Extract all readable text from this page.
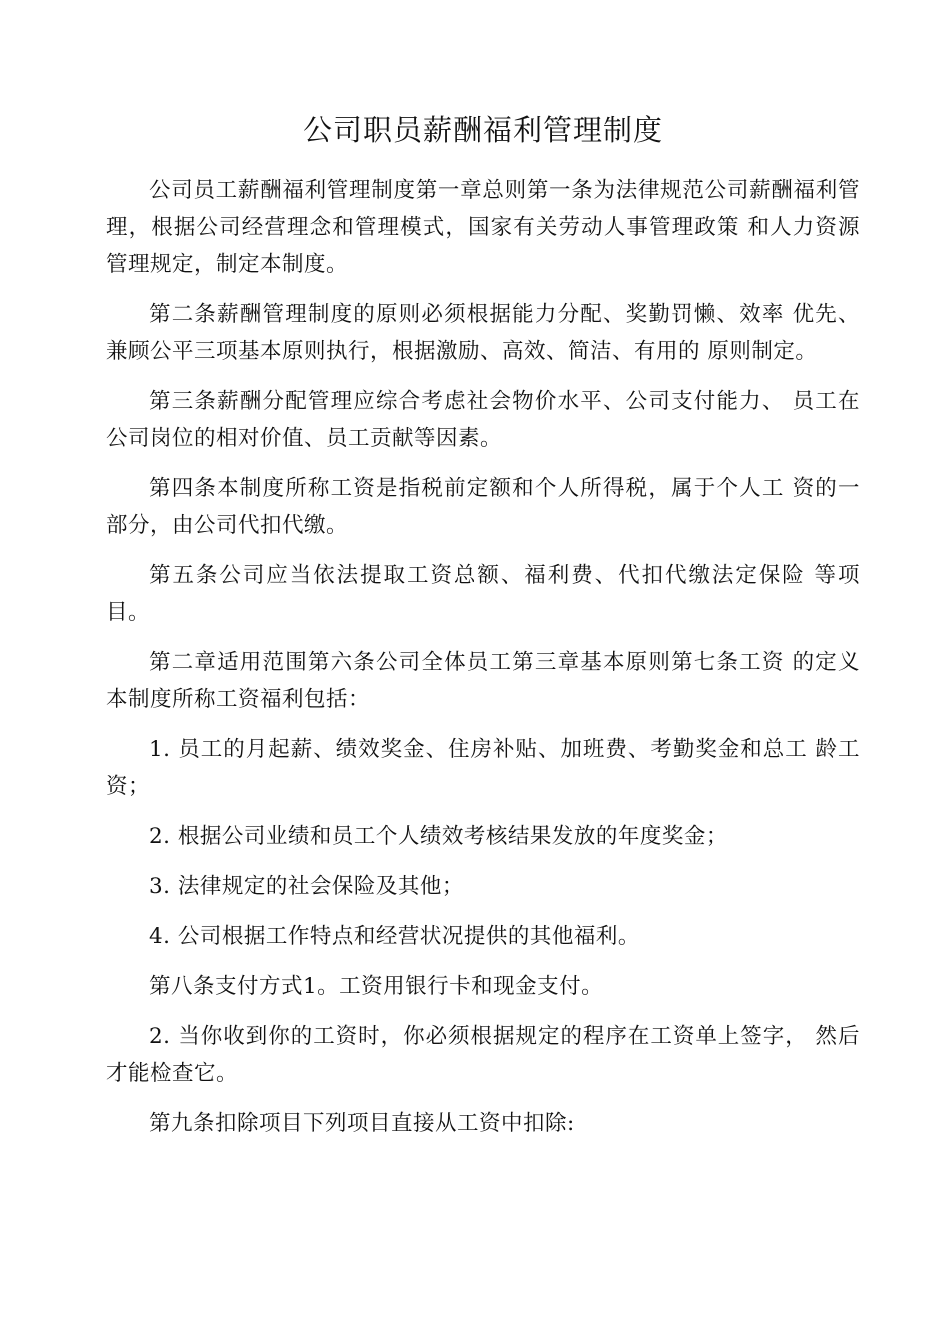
公司职员薪酬福利管理制度

公司员工薪酬福利管理制度第一章总则第一条为法律规范公司薪酬福利管理，根据公司经营理念和管理模式，国家有关劳动人事管理政策 和人力资源管理规定，制定本制度。

第二条薪酬管理制度的原则必须根据能力分配、奖勤罚懒、效率 优先、兼顾公平三项基本原则执行，根据激励、高效、简洁、有用的 原则制定。

第三条薪酬分配管理应综合考虑社会物价水平、公司支付能力、 员工在公司岗位的相对价值、员工贡献等因素。

第四条本制度所称工资是指税前定额和个人所得税，属于个人工 资的一部分，由公司代扣代缴。

第五条公司应当依法提取工资总额、福利费、代扣代缴法定保险 等项目。

第二章适用范围第六条公司全体员工第三章基本原则第七条工资 的定义本制度所称工资福利包括：

1. 员工的月起薪、绩效奖金、住房补贴、加班费、考勤奖金和总工 龄工资；

2. 根据公司业绩和员工个人绩效考核结果发放的年度奖金；

3. 法律规定的社会保险及其他；

4. 公司根据工作特点和经营状况提供的其他福利。

第八条支付方式1。工资用银行卡和现金支付。

2. 当你收到你的工资时，你必须根据规定的程序在工资单上签字， 然后才能检查它。

第九条扣除项目下列项目直接从工资中扣除:
